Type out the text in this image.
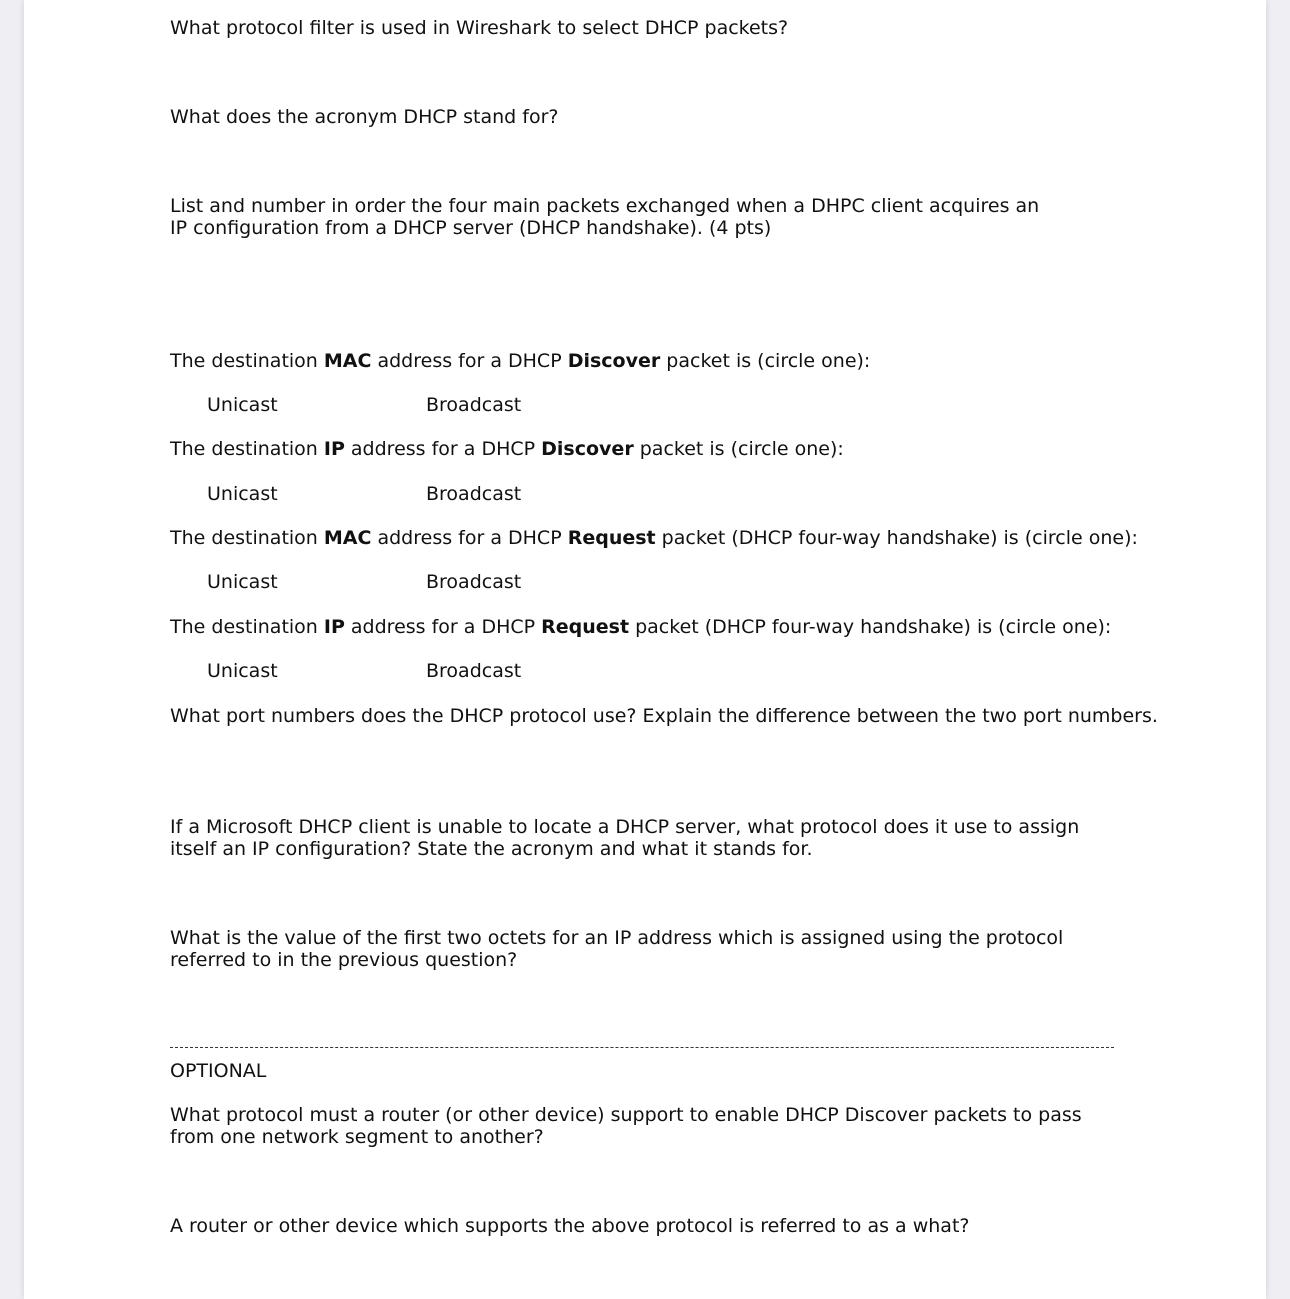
What protocol filter is used in Wireshark to select DHCP packets?

What does the acronym DHCP stand for?

List and number in order the four main packets exchanged when a DHPC client acquires an IP configuration from a DHCP server (DHCP handshake). (4 pts)

The destination MAC address for a DHCP Discover packet is (circle one):

Unicast	Broadcast

The destination IP address for a DHCP Discover packet is (circle one):

Unicast	Broadcast

The destination MAC address for a DHCP Request packet (DHCP four-way handshake) is (circle one):

Unicast	Broadcast

The destination IP address for a DHCP Request packet (DHCP four-way handshake) is (circle one):

Unicast	Broadcast

What port numbers does the DHCP protocol use? Explain the difference between the two port numbers.

If a Microsoft DHCP client is unable to locate a DHCP server, what protocol does it use to assign itself an IP configuration? State the acronym and what it stands for.

What is the value of the first two octets for an IP address which is assigned using the protocol referred to in the previous question?

OPTIONAL

What protocol must a router (or other device) support to enable DHCP Discover packets to pass from one network segment to another?

A router or other device which supports the above protocol is referred to as a what?
